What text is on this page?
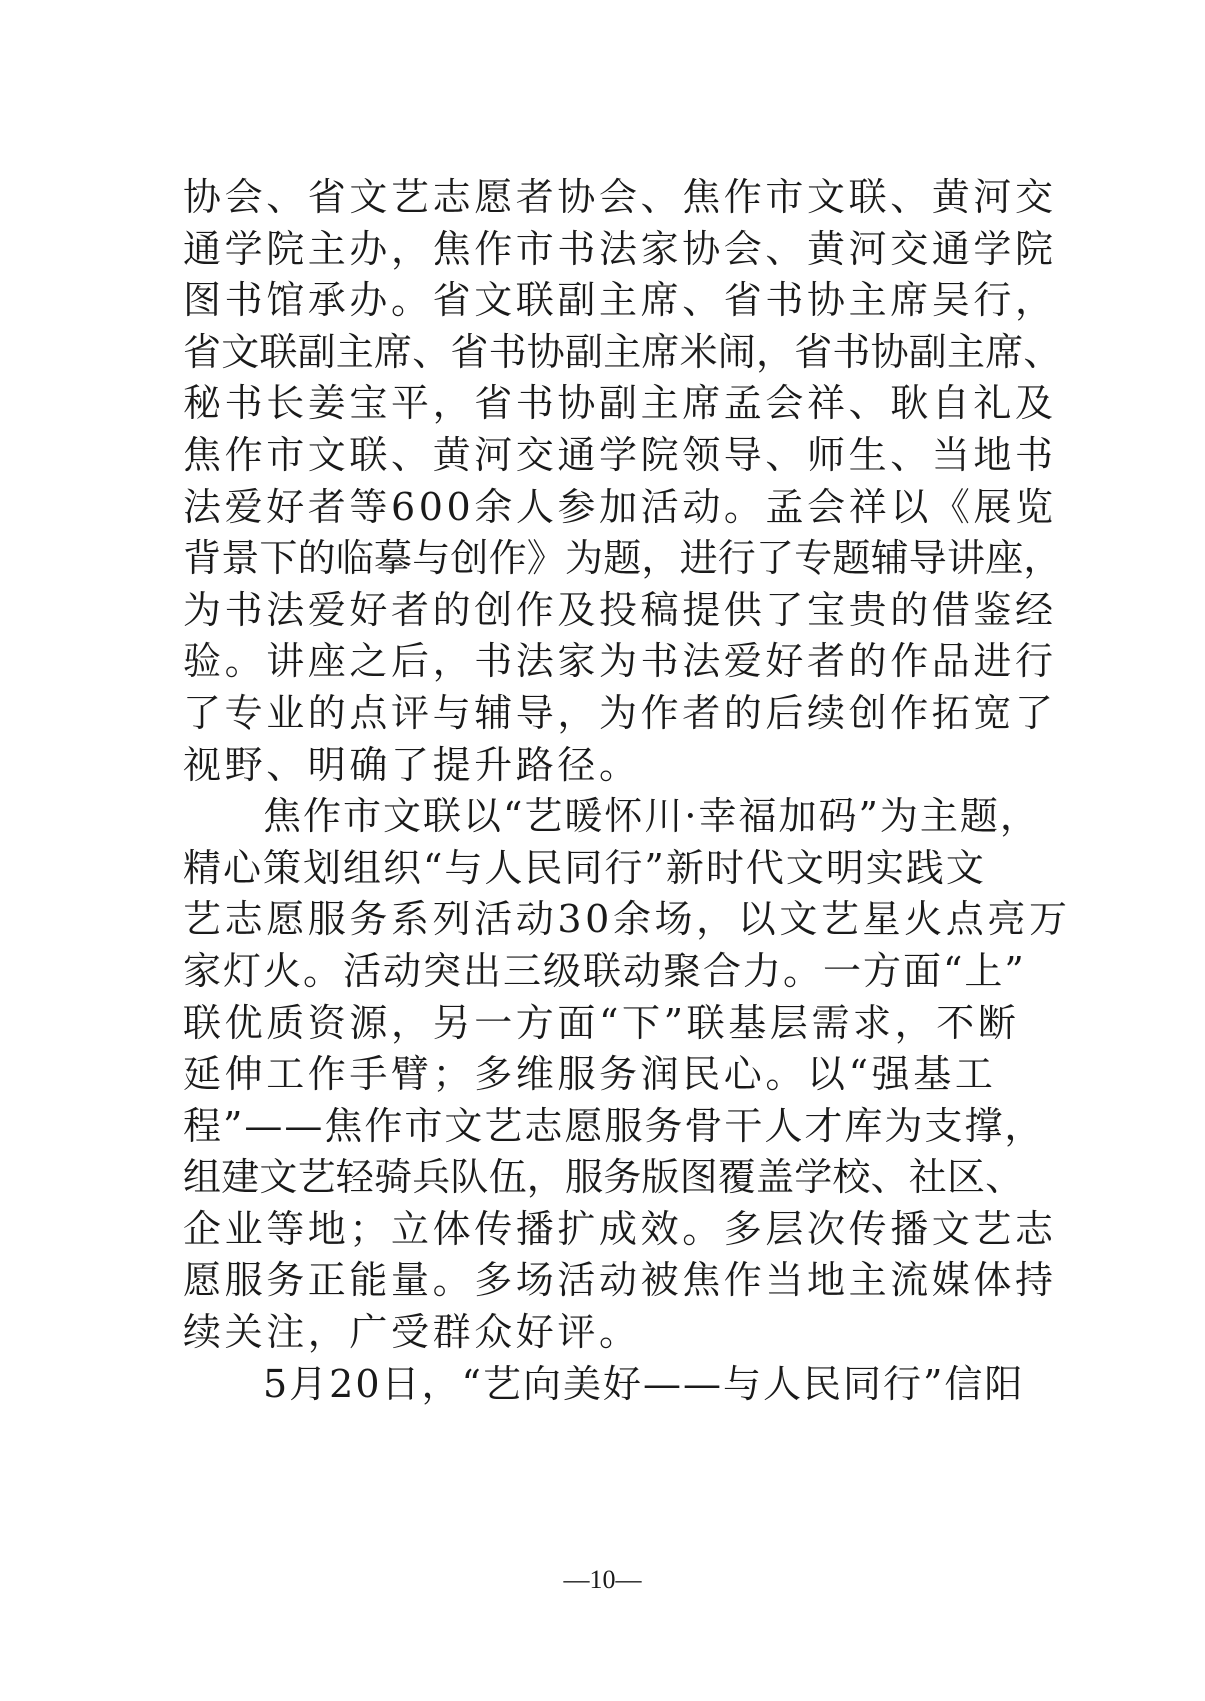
协会、省文艺志愿者协会、焦作市文联、黄河交
通学院主办，焦作市书法家协会、黄河交通学院
图书馆承办。省文联副主席、省书协主席吴行，
省文联副主席、省书协副主席米闹，省书协副主席、
秘书长姜宝平，省书协副主席孟会祥、耿自礼及
焦作市文联、黄河交通学院领导、师生、当地书
法爱好者等600余人参加活动。孟会祥以《展览
背景下的临摹与创作》为题，进行了专题辅导讲座，
为书法爱好者的创作及投稿提供了宝贵的借鉴经
验。讲座之后，书法家为书法爱好者的作品进行
了专业的点评与辅导，为作者的后续创作拓宽了
视野、明确了提升路径。
焦作市文联以“艺暖怀川·幸福加码”为主题，
精心策划组织“与人民同行”新时代文明实践文
艺志愿服务系列活动30余场，以文艺星火点亮万
家灯火。活动突出三级联动聚合力。一方面“上”
联优质资源，另一方面“下”联基层需求，不断
延伸工作手臂；多维服务润民心。以“强基工
程”——焦作市文艺志愿服务骨干人才库为支撑，
组建文艺轻骑兵队伍，服务版图覆盖学校、社区、
企业等地；立体传播扩成效。多层次传播文艺志
愿服务正能量。多场活动被焦作当地主流媒体持
续关注，广受群众好评。
5月20日，“艺向美好——与人民同行”信阳
—10—
